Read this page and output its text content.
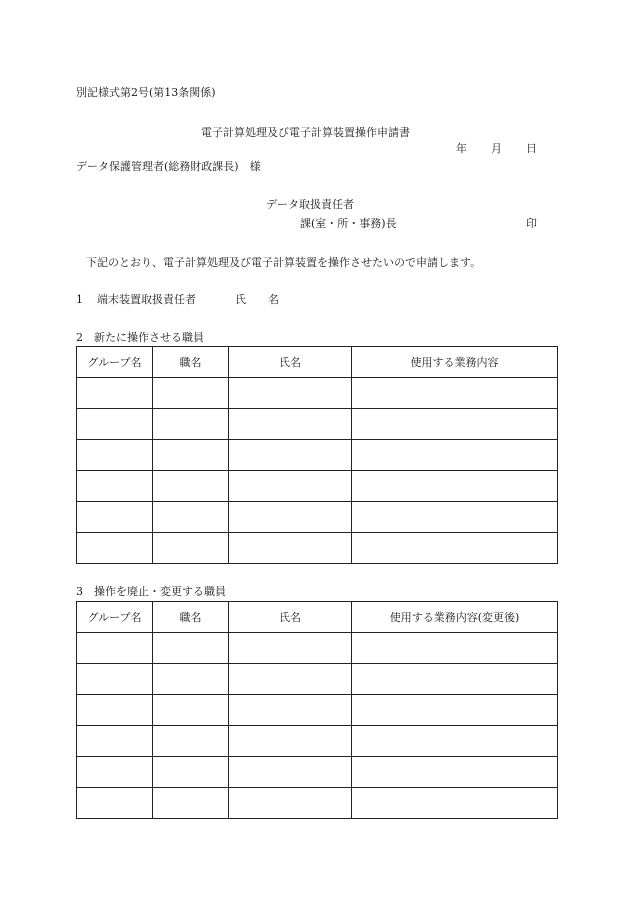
別記様式第2号(第13条関係)
電子計算処理及び電子計算装置操作申請書
年 月 日
データ保護管理者(総務財政課長)　様
データ取扱責任者
課(室・所・事務)長	印
下記のとおり、電子計算処理及び電子計算装置を操作させたいので申請します。
1 端末装置取扱責任者	氏　　名
2　新たに操作させる職員
グループ名	職名	氏名	使用する業務内容

3　操作を廃止・変更する職員
グループ名	職名	氏名	使用する業務内容(変更後)
